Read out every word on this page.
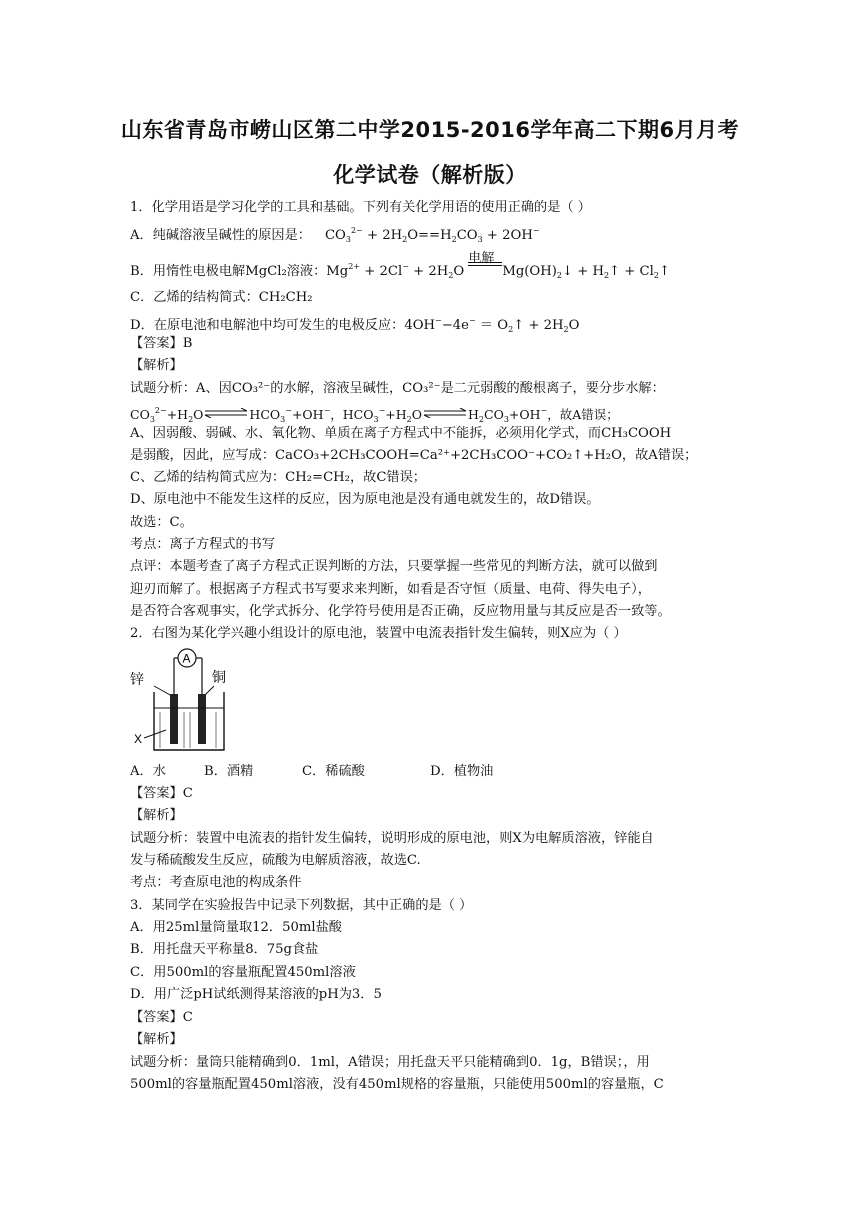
山东省青岛市崂山区第二中学2015-2016学年高二下期6月月考
化学试卷（解析版）
1．化学用语是学习化学的工具和基础。下列有关化学用语的使用正确的是（ ）
A．纯碱溶液呈碱性的原因是： $CO_3^{2-} + 2H_2O==H_2CO_3 + 2OH^-$
B．用惰性电极电解MgCl₂溶液：$Mg^{2+} + 2Cl^- + 2H_2O$
电解
$Mg(OH)_2↓$ + $H_2↑$ + $Cl_2↑$
C．乙烯的结构简式：CH₂CH₂
D．在原电池和电解池中均可发生的电极反应：$4OH^--4e^- = O_2↑ + 2H_2O$
【答案】B
【解析】
试题分析：A、因CO₃²⁻的水解，溶液呈碱性，CO₃²⁻是二元弱酸的酸根离子，要分步水解：
$CO_3^{2-}+H_2O\rightleftharpoons HCO_3^-+OH^-$，$HCO_3^-+H_2O\rightleftharpoons H_2CO_3+OH^-$，故A错误；
A、因弱酸、弱碱、水、氧化物、单质在离子方程式中不能拆，必须用化学式，而CH₃COOH
是弱酸，因此，应写成：CaCO₃+2CH₃COOH=Ca²⁺+2CH₃COO⁻+CO₂↑+H₂O，故A错误；
C、乙烯的结构简式应为：CH₂=CH₂，故C错误；
D、原电池中不能发生这样的反应，因为原电池是没有通电就发生的，故D错误。
故选：C。
考点：离子方程式的书写
点评：本题考查了离子方程式正误判断的方法，只要掌握一些常见的判断方法，就可以做到
迎刃而解了。根据离子方程式书写要求来判断，如看是否守恒（质量、电荷、得失电子），
是否符合客观事实，化学式拆分、化学符号使用是否正确，反应物用量与其反应是否一致等。
2．右图为某化学兴趣小组设计的原电池，装置中电流表指针发生偏转，则X应为（ ）
A
锌	铜
X
A．水	B．酒精	C．稀硫酸	D．植物油
【答案】C
【解析】
试题分析：装置中电流表的指针发生偏转，说明形成的原电池，则X为电解质溶液，锌能自
发与稀硫酸发生反应，硫酸为电解质溶液，故选C.
考点：考查原电池的构成条件
3．某同学在实验报告中记录下列数据，其中正确的是（ ）
A．用25ml量筒量取12．50ml盐酸
B．用托盘天平称量8．75g食盐
C．用500ml的容量瓶配置450ml溶液
D．用广泛pH试纸测得某溶液的pH为3．5
【答案】C
【解析】
试题分析：量筒只能精确到0．1ml，A错误；用托盘天平只能精确到0．1g，B错误；，用
500ml的容量瓶配置450ml溶液，没有450ml规格的容量瓶，只能使用500ml的容量瓶，C
